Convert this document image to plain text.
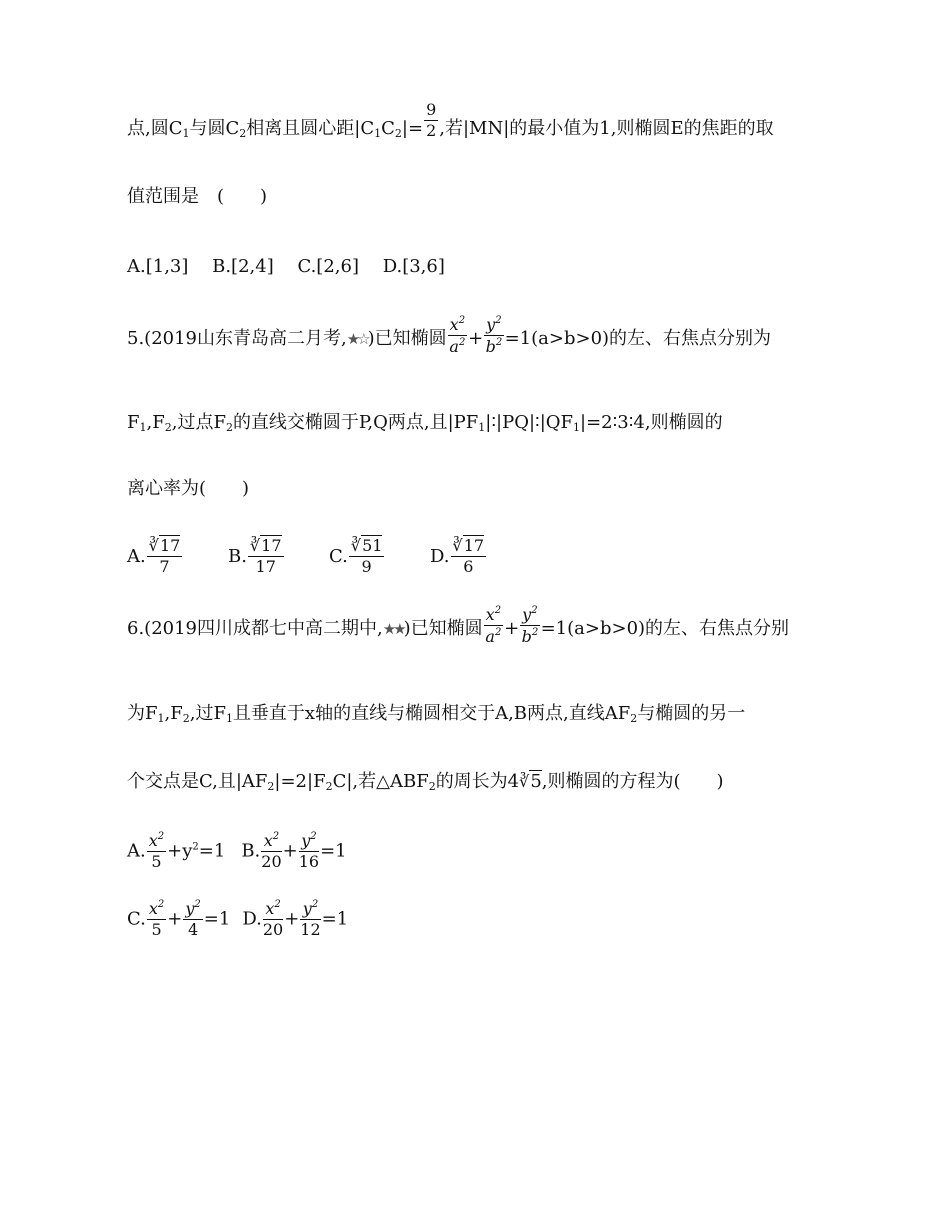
点,圆$C_1$与圆$C_2$相离且圆心距$|C_1C_2|= \frac{9}{2}$ ,若|MN|的最小值为1,则椭圆E的焦距的取
值范围是　(　　)
A.[1,3]　 B.[2,4]　 C.[2,6]　 D.[3,6]
5.(2019山东青岛高二月考,★☆)已知椭圆 $\frac{x^2}{a^2} + \frac{y^2}{b^2} =1(a>b>0)$的左、右焦点分别为
$F_1,F_2$,过点$F_2$的直线交椭圆于P,Q两点,且$|PF_1|∶|PQ|∶|QF_1|=2∶3∶4$,则椭圆的
离心率为(　　)
A. $\frac{∛17}{7}$	B. $\frac{∛17}{17}$	C. $\frac{∛51}{9}$	D. $\frac{∛17}{6}$
6.(2019四川成都七中高二期中,★★)已知椭圆 $\frac{x^2}{a^2} + \frac{y^2}{b^2} =1(a>b>0)$的左、右焦点分别
为$F_1,F_2$,过$F_1$且垂直于x轴的直线与椭圆相交于A,B两点,直线$AF_2$与椭圆的另一
个交点是C,且$|AF_2|=2|F_2C|$,若$\triangle ABF_2$的周长为4∛5,则椭圆的方程为(　　)
A. $\frac{x^2}{5} +y^2=1$ B. $\frac{x^2}{20} + \frac{y^2}{16} =1$
C. $\frac{x^2}{5} + \frac{y^2}{4} =1$ D. $\frac{x^2}{20} + \frac{y^2}{12} =1$
